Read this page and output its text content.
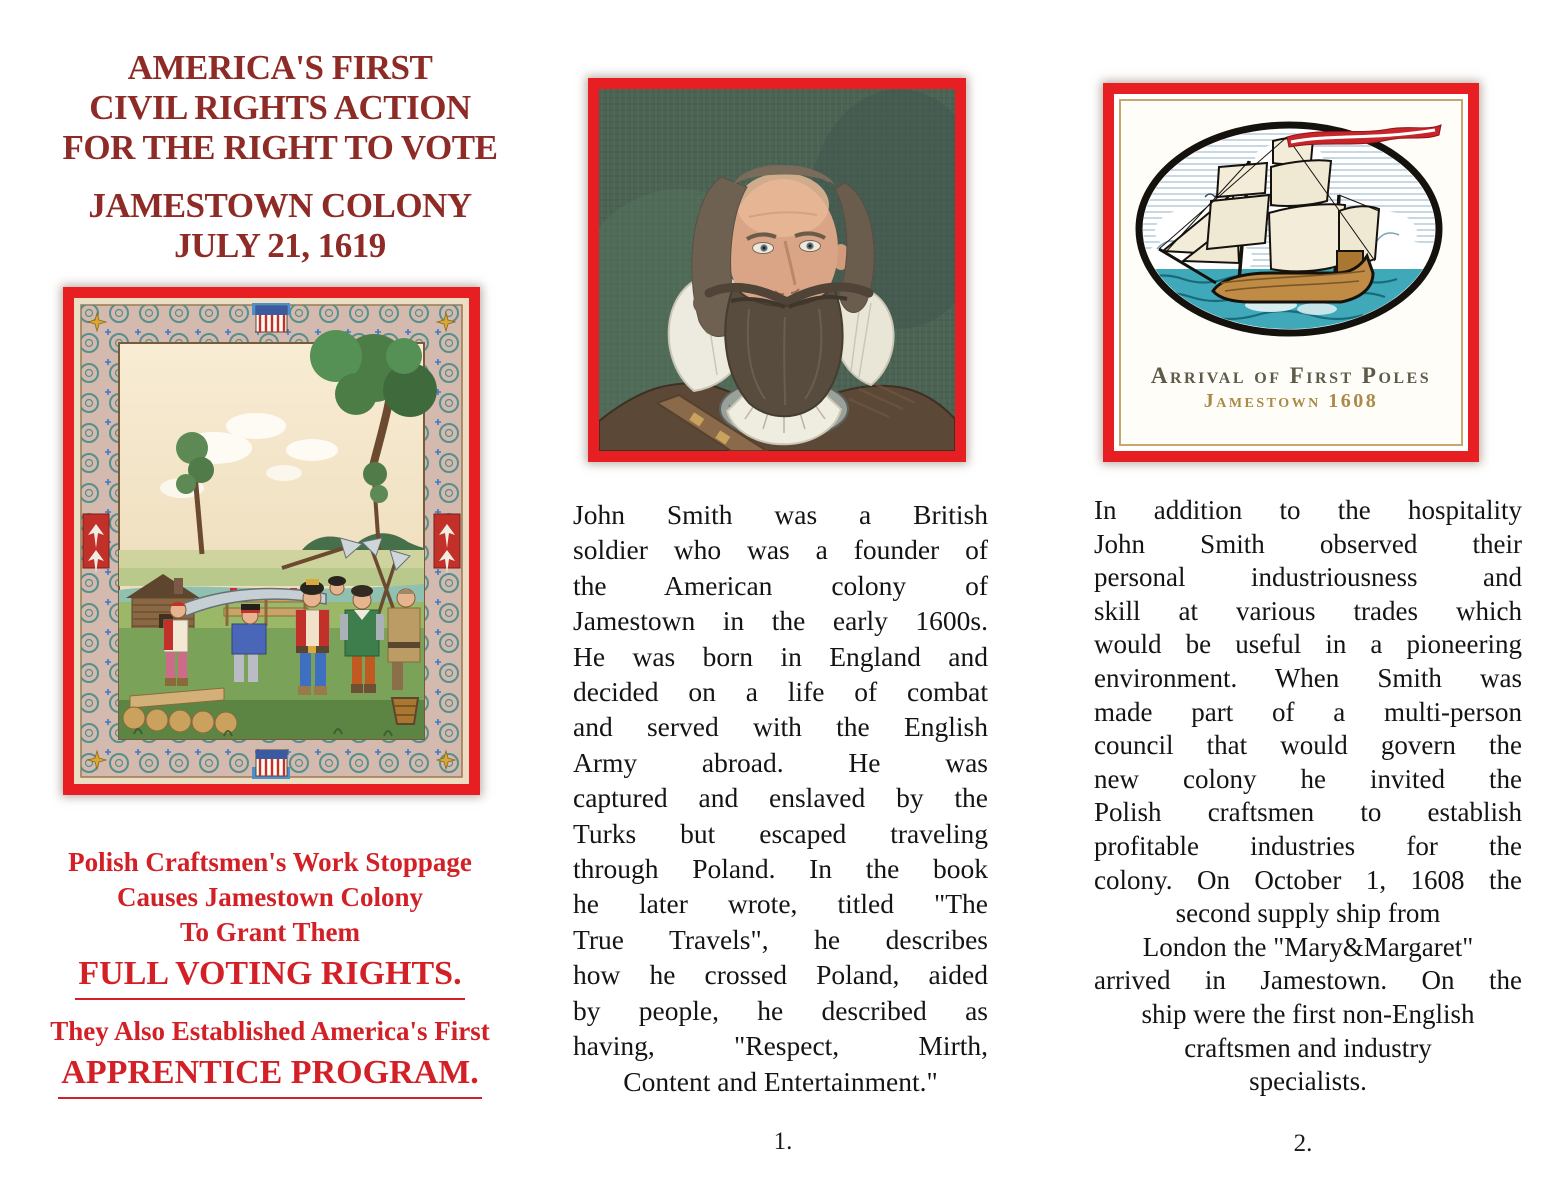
AMERICA'S FIRST
CIVIL RIGHTS ACTION
FOR THE RIGHT TO VOTE
JAMESTOWN COLONY
JULY 21, 1619
Polish Craftsmen's Work Stoppage
Causes Jamestown Colony
To Grant Them
FULL VOTING RIGHTS.
They Also Established America's First
APPRENTICE PROGRAM.
John Smith was a British
soldier who was a founder of
the American colony of
Jamestown in the early 1600s.
He was born in England and
decided on a life of combat
and served with the English
Army abroad. He was
captured and enslaved by the
Turks but escaped traveling
through Poland. In the book
he later wrote, titled "The
True Travels", he describes
how he crossed Poland, aided
by people, he described as
having, "Respect, Mirth,
Content and Entertainment."
1.
Arrival of First Poles
Jamestown 1608
In addition to the hospitality
John Smith observed their
personal industriousness and
skill at various trades which
would be useful in a pioneering
environment. When Smith was
made part of a multi-person
council that would govern the
new colony he invited the
Polish craftsmen to establish
profitable industries for the
colony. On October 1, 1608 the
second supply ship from
London the "Mary&Margaret"
arrived in Jamestown. On the
ship were the first non-English
craftsmen and industry
specialists.
2.
